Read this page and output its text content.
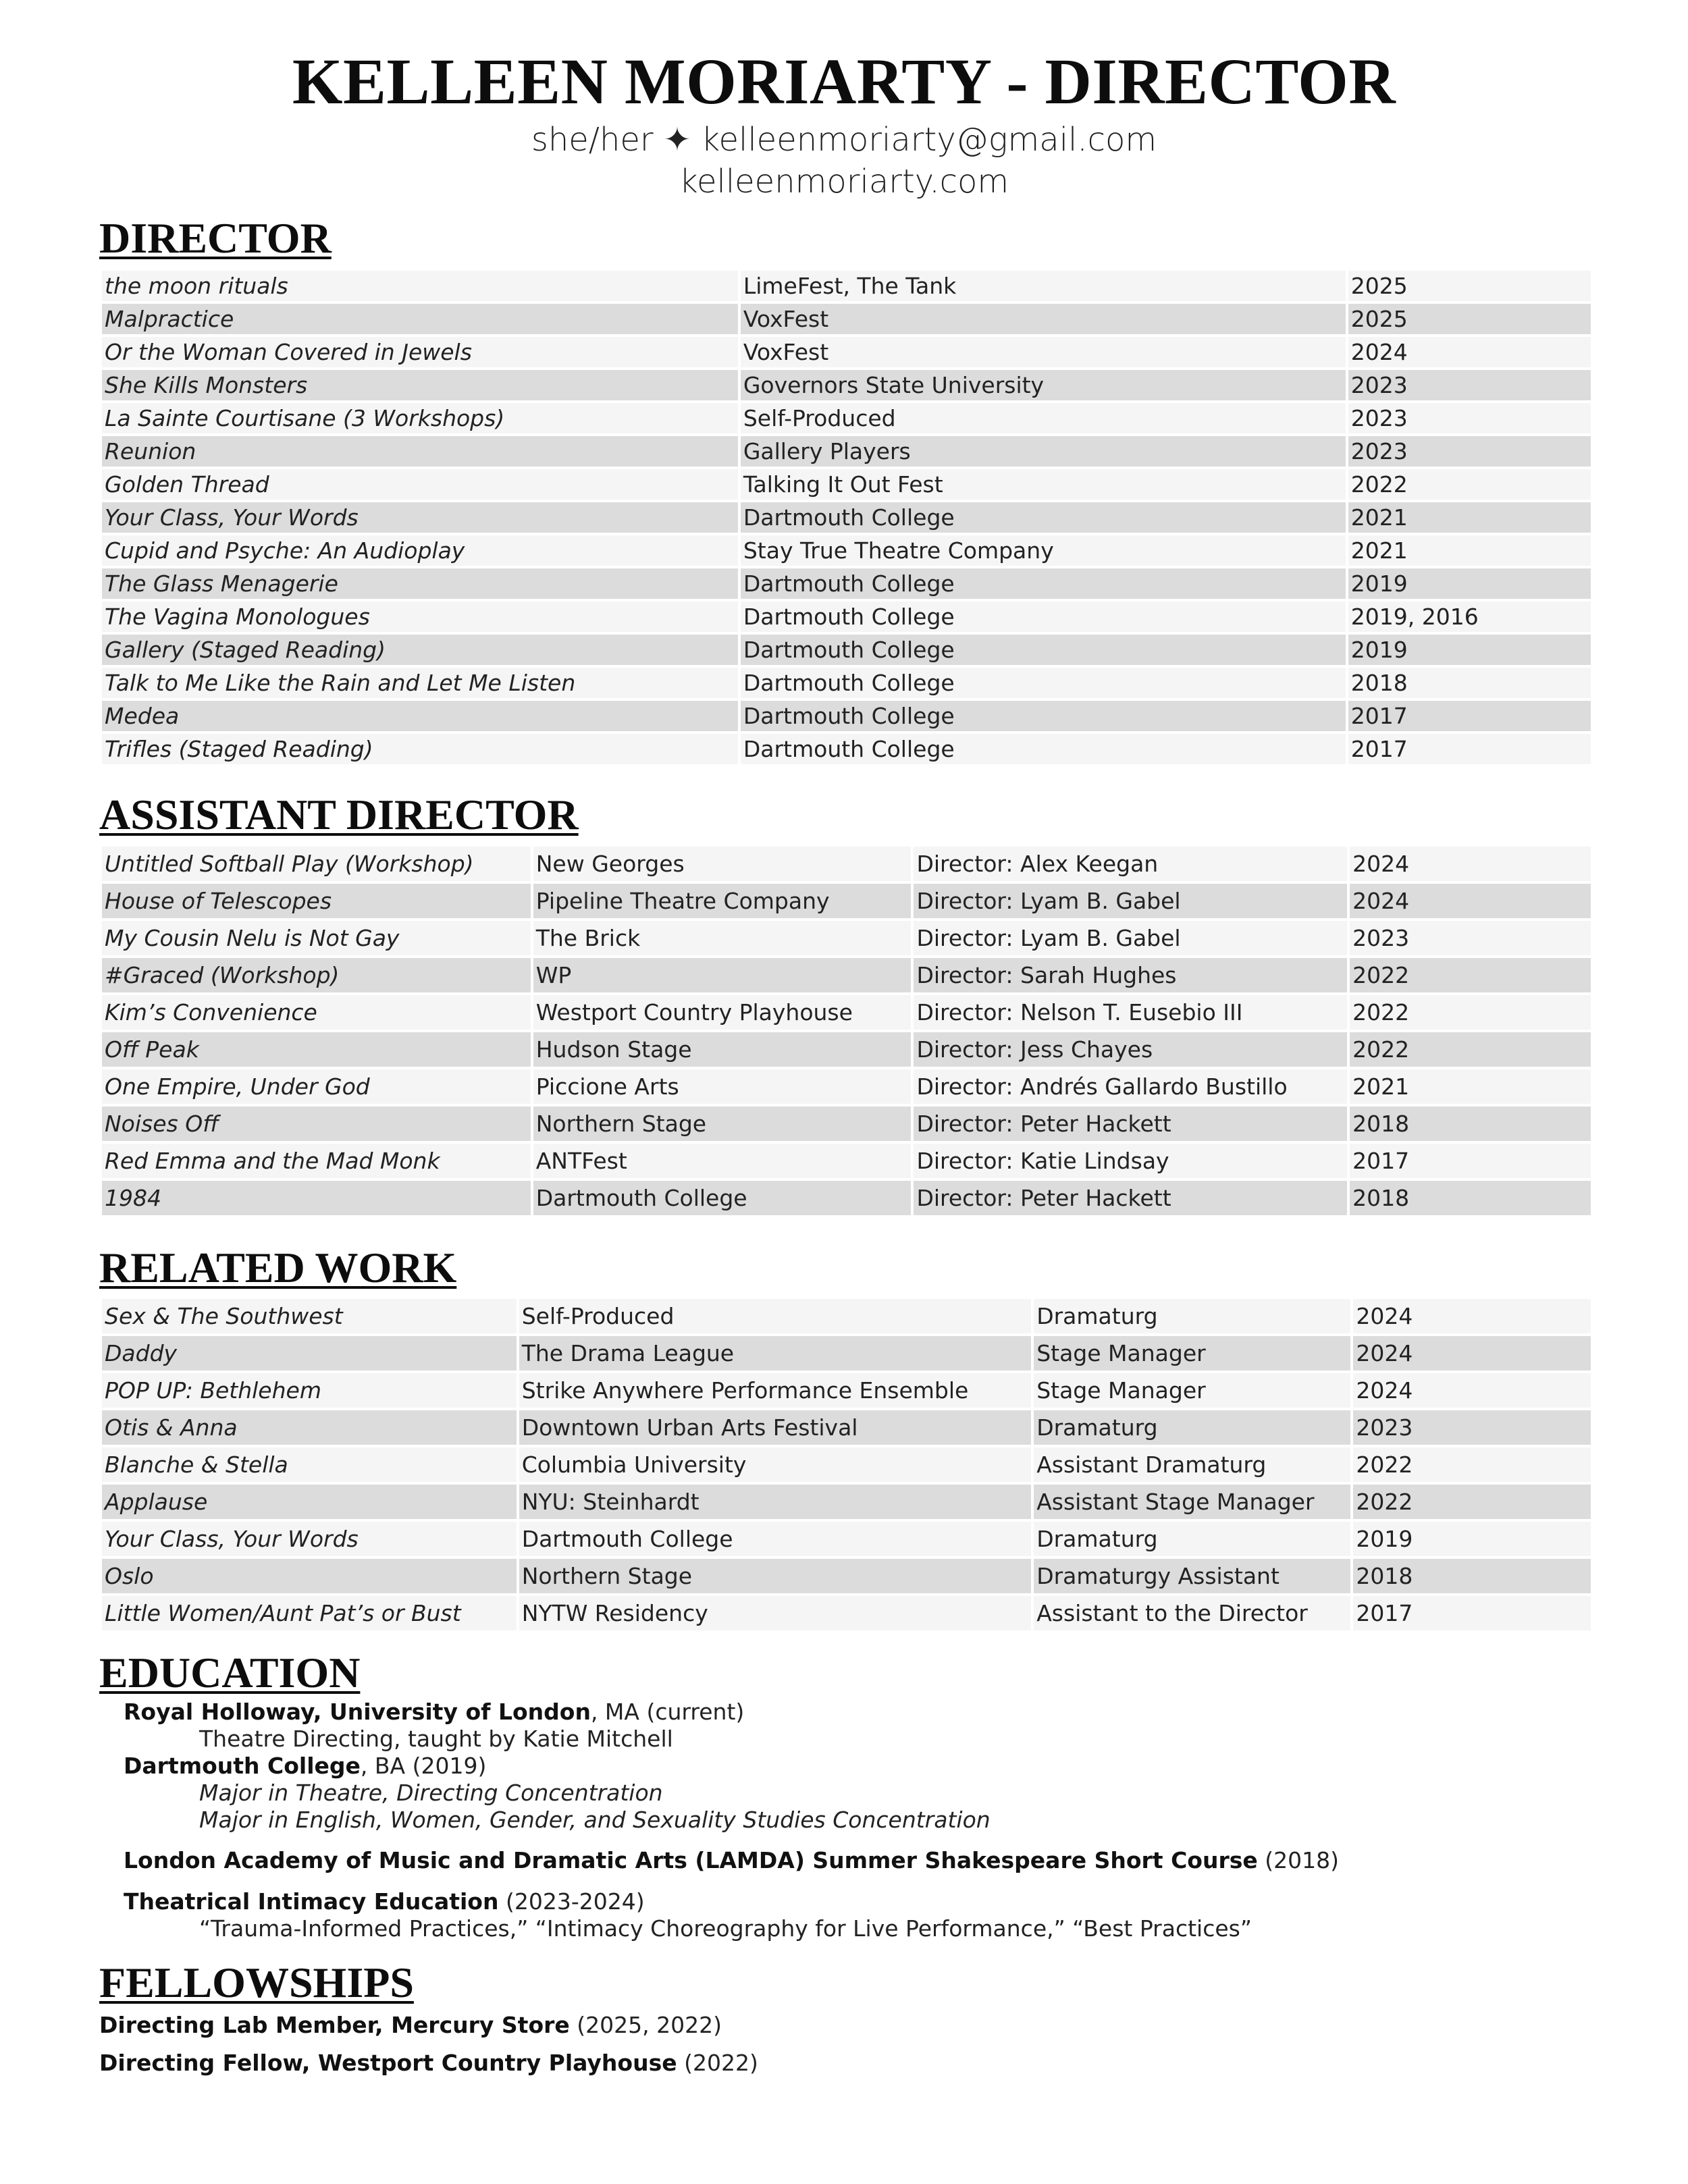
KELLEEN MORIARTY - DIRECTOR
she/her ✦ kelleenmoriarty@gmail.com
kelleenmoriarty.com
DIRECTOR
the moon rituals	LimeFest, The Tank	2025
Malpractice	VoxFest	2025
Or the Woman Covered in Jewels	VoxFest	2024
She Kills Monsters	Governors State University	2023
La Sainte Courtisane (3 Workshops)	Self-Produced	2023
Reunion	Gallery Players	2023
Golden Thread	Talking It Out Fest	2022
Your Class, Your Words	Dartmouth College	2021
Cupid and Psyche: An Audioplay	Stay True Theatre Company	2021
The Glass Menagerie	Dartmouth College	2019
The Vagina Monologues	Dartmouth College	2019, 2016
Gallery (Staged Reading)	Dartmouth College	2019
Talk to Me Like the Rain and Let Me Listen	Dartmouth College	2018
Medea	Dartmouth College	2017
Trifles (Staged Reading)	Dartmouth College	2017
ASSISTANT DIRECTOR
Untitled Softball Play (Workshop)	New Georges	Director: Alex Keegan	2024
House of Telescopes	Pipeline Theatre Company	Director: Lyam B. Gabel	2024
My Cousin Nelu is Not Gay	The Brick	Director: Lyam B. Gabel	2023
#Graced (Workshop)	WP	Director: Sarah Hughes	2022
Kim’s Convenience	Westport Country Playhouse	Director: Nelson T. Eusebio III	2022
Off Peak	Hudson Stage	Director: Jess Chayes	2022
One Empire, Under God	Piccione Arts	Director: Andrés Gallardo Bustillo	2021
Noises Off	Northern Stage	Director: Peter Hackett	2018
Red Emma and the Mad Monk	ANTFest	Director: Katie Lindsay	2017
1984	Dartmouth College	Director: Peter Hackett	2018
RELATED WORK
Sex & The Southwest	Self-Produced	Dramaturg	2024
Daddy	The Drama League	Stage Manager	2024
POP UP: Bethlehem	Strike Anywhere Performance Ensemble	Stage Manager	2024
Otis & Anna	Downtown Urban Arts Festival	Dramaturg	2023
Blanche & Stella	Columbia University	Assistant Dramaturg	2022
Applause	NYU: Steinhardt	Assistant Stage Manager	2022
Your Class, Your Words	Dartmouth College	Dramaturg	2019
Oslo	Northern Stage	Dramaturgy Assistant	2018
Little Women/Aunt Pat’s or Bust	NYTW Residency	Assistant to the Director	2017
EDUCATION
Royal Holloway, University of London, MA (current)
Theatre Directing, taught by Katie Mitchell
Dartmouth College, BA (2019)
Major in Theatre, Directing Concentration
Major in English, Women, Gender, and Sexuality Studies Concentration
London Academy of Music and Dramatic Arts (LAMDA) Summer Shakespeare Short Course (2018)
Theatrical Intimacy Education (2023-2024)
“Trauma-Informed Practices,” “Intimacy Choreography for Live Performance,” “Best Practices”
FELLOWSHIPS
Directing Lab Member, Mercury Store (2025, 2022)
Directing Fellow, Westport Country Playhouse (2022)
